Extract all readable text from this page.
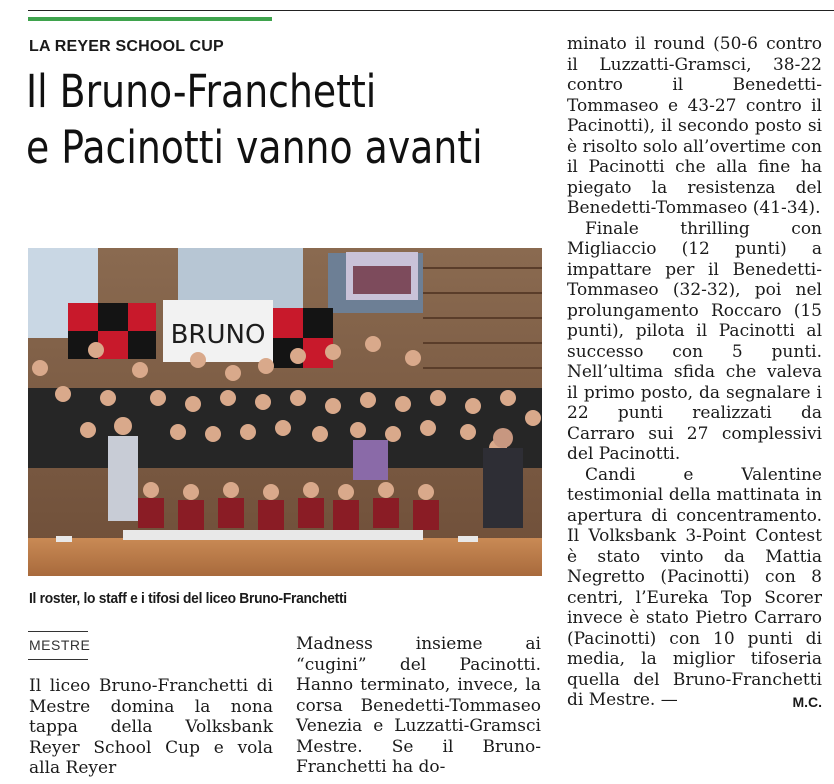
LA REYER SCHOOL CUP
Il Bruno-Franchetti
e Pacinotti vanno avanti
BRUNO
Il roster, lo staff e i tifosi del liceo Bruno-Franchetti
MESTRE

Il liceo Bruno-Franchetti di Mestre domina la nona tappa della Volksbank Reyer School Cup e vola alla Reyer

Madness insieme ai “cugini” del Pacinotti. Hanno terminato, invece, la corsa Benedetti-Tommaseo Venezia e Luzzatti-Gramsci Mestre. Se il Bruno-Franchetti ha do-

minato il round (50-6 contro il Luzzatti-Gramsci, 38-22 contro il Benedetti-Tommaseo e 43-27 contro il Pacinotti), il secondo posto si è risolto solo all’overtime con il Pacinotti che alla fine ha piegato la resistenza del Benedetti-Tommaseo (41-34).

Finale thrilling con Migliaccio (12 punti) a impattare per il Benedetti-Tommaseo (32-32), poi nel prolungamento Roccaro (15 punti), pilota il Pacinotti al successo con 5 punti. Nell’ultima sfida che valeva il primo posto, da segnalare i 22 punti realizzati da Carraro sui 27 complessivi del Pacinotti.

Candi e Valentine testimonial della mattinata in apertura di concentramento. Il Volksbank 3-Point Contest è stato vinto da Mattia Negretto (Pacinotti) con 8 centri, l’Eureka Top Scorer invece è stato Pietro Carraro (Pacinotti) con 10 punti di media, la miglior tifoseria quella del Bruno-Franchetti di Mestre. —	M.C.
